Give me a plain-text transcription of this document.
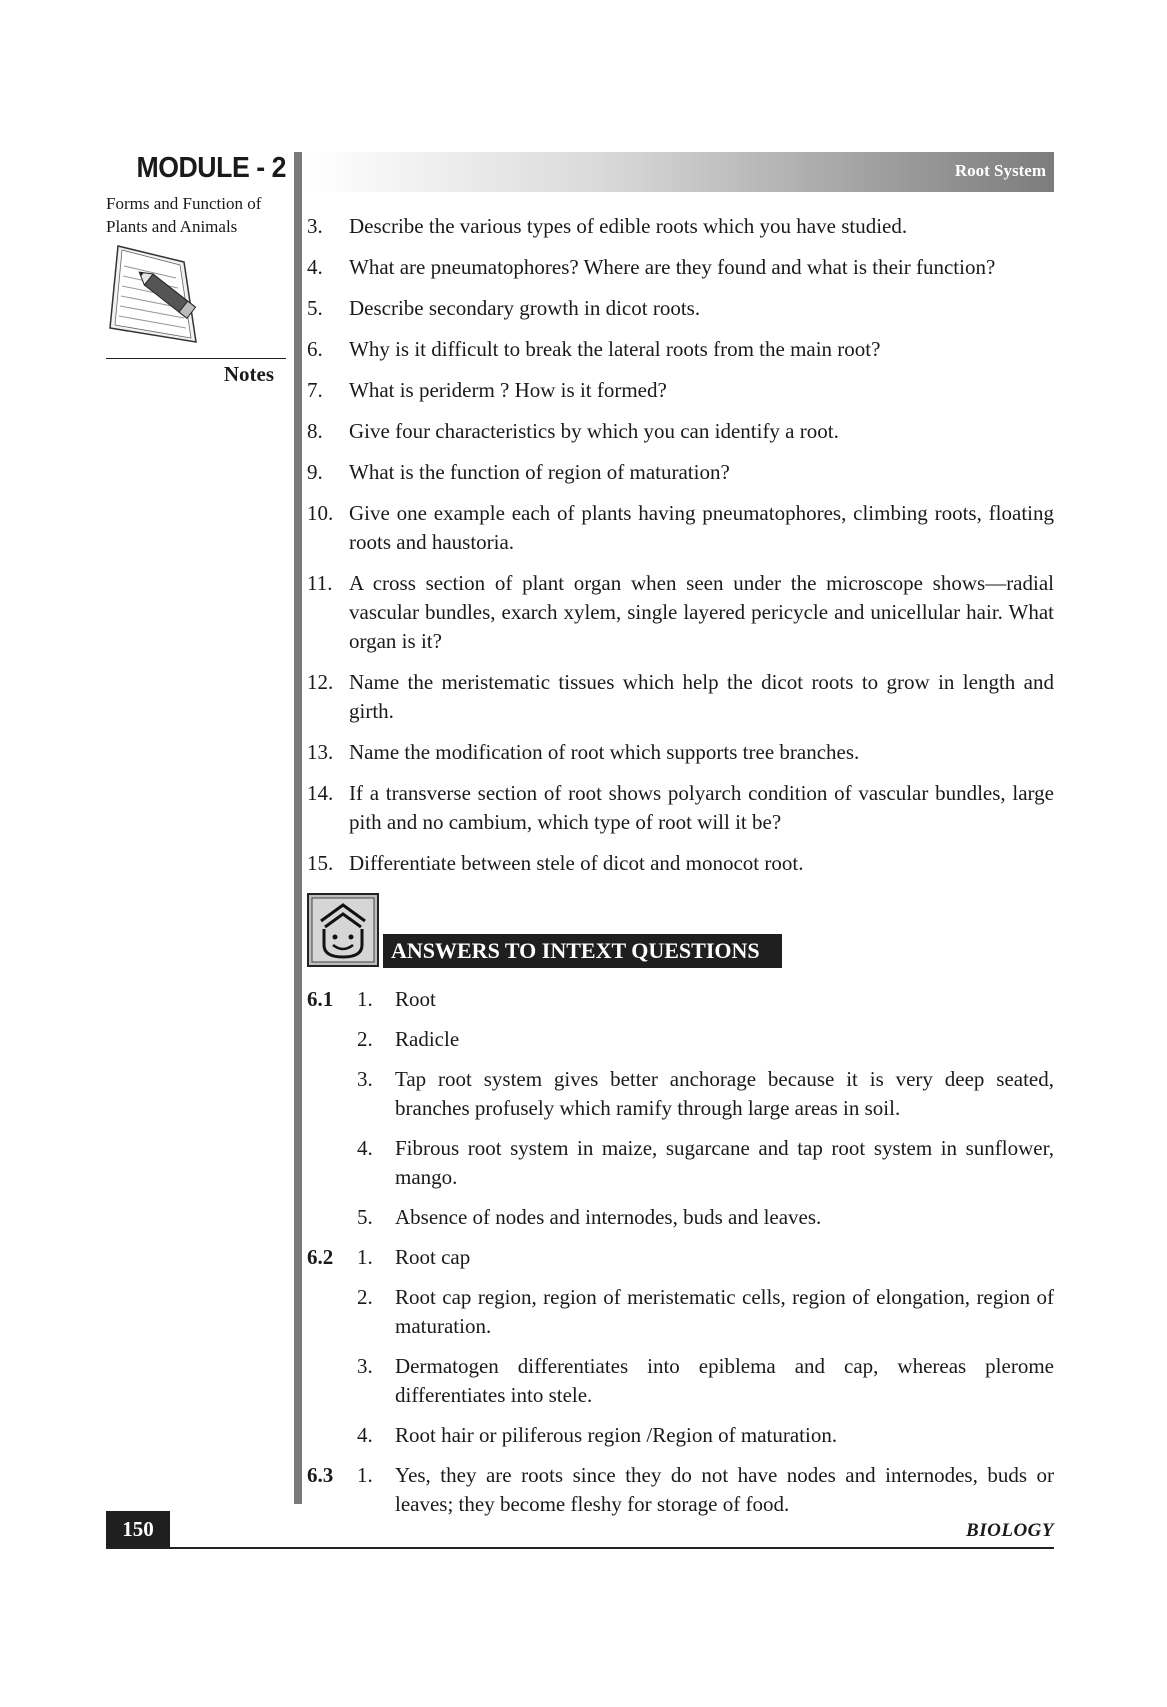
MODULE - 2
Forms and Function of
Plants and Animals
Notes
Root System
3. Describe the various types of edible roots which you have studied.
4. What are pneumatophores? Where are they found and what is their function?
5. Describe secondary growth in dicot roots.
6. Why is it difficult to break the lateral roots from the main root?
7. What is periderm ? How is it formed?
8. Give four characteristics by which you can identify a root.
9. What is the function of region of maturation?
10. Give one example each of plants having pneumatophores, climbing roots, floating roots and haustoria.
11. A cross section of plant organ when seen under the microscope shows—radial vascular bundles, exarch xylem, single layered pericycle and unicellular hair. What organ is it?
12. Name the meristematic tissues which help the dicot roots to grow in length and girth.
13. Name the modification of root which supports tree branches.
14. If a transverse section of root shows polyarch condition of vascular bundles, large pith and no cambium, which type of root will it be?
15. Differentiate between stele of dicot and monocot root.
ANSWERS TO INTEXT QUESTIONS
6.1 1. Root
2. Radicle
3. Tap root system gives better anchorage because it is very deep seated, branches profusely which ramify through large areas in soil.
4. Fibrous root system in maize, sugarcane and tap root system in sunflower, mango.
5. Absence of nodes and internodes, buds and leaves.
6.2 1. Root cap
2. Root cap region, region of meristematic cells, region of elongation, region of maturation.
3. Dermatogen differentiates into epiblema and cap, whereas plerome differentiates into stele.
4. Root hair or piliferous region /Region of maturation.
6.3 1. Yes, they are roots since they do not have nodes and internodes, buds or leaves; they become fleshy for storage of food.
150	BIOLOGY
